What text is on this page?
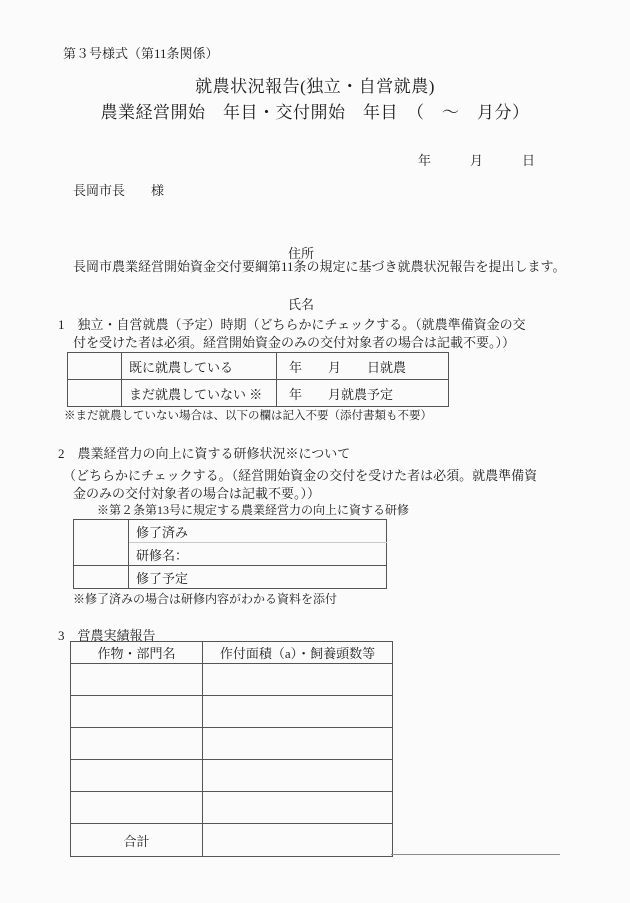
第３号様式（第11条関係）
就農状況報告(独立・自営就農)
農業経営開始　年目・交付開始　年目　（　～　月分）
年　　　月　　　日
長岡市長　　様

住所

氏名

長岡市農業経営開始資金交付要綱第11条の規定に基づき就農状況報告を提出します。
1　独立・自営就農（予定）時期（どちらかにチェックする。（就農準備資金の交
付を受けた者は必須。経営開始資金のみの交付対象者の場合は記載不要。））
	既に就農している	年　　月　　日就農
	まだ就農していない ※	年　　月就農予定
※まだ就農していない場合は、以下の欄は記入不要（添付書類も不要）
2　農業経営力の向上に資する研修状況※について
（どちらかにチェックする。（経営開始資金の交付を受けた者は必須。就農準備資
金のみの交付対象者の場合は記載不要。））
※第２条第13号に規定する農業経営力の向上に資する研修
	修了済み
	研修名：
	修了予定
※修了済みの場合は研修内容がわかる資料を添付
3　営農実績報告
作物・部門名	作付面積（a）・飼養頭数等

合計	
